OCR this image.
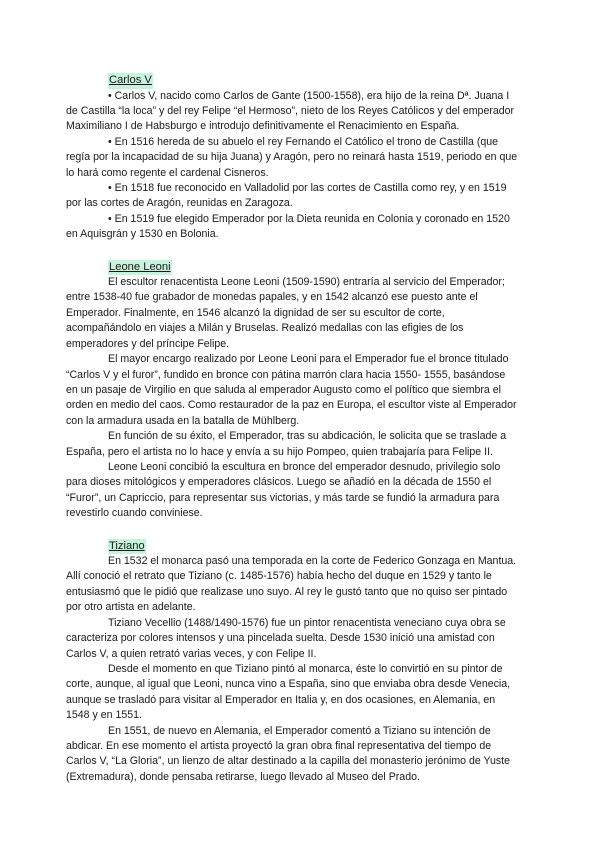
Carlos V

• Carlos V, nacido como Carlos de Gante (1500-1558), era hijo de la reina Dª. Juana I de Castilla “la loca” y del rey Felipe “el Hermoso”, nieto de los Reyes Católicos y del emperador Maximiliano I de Habsburgo e introdujo definitivamente el Renacimiento en España.

• En 1516 hereda de su abuelo el rey Fernando el Católico el trono de Castilla (que regía por la incapacidad de su hija Juana) y Aragón, pero no reinará hasta 1519, periodo en que lo hará como regente el cardenal Cisneros.

• En 1518 fue reconocido en Valladolid por las cortes de Castilla como rey, y en 1519 por las cortes de Aragón, reunidas en Zaragoza.

• En 1519 fue elegido Emperador por la Dieta reunida en Colonia y coronado en 1520 en Aquisgrán y 1530 en Bolonia.

Leone Leoni

El escultor renacentista Leone Leoni (1509-1590) entraría al servicio del Emperador; entre 1538-40 fue grabador de monedas papales, y en 1542 alcanzó ese puesto ante el Emperador. Finalmente, en 1546 alcanzó la dignidad de ser su escultor de corte, acompañándolo en viajes a Milán y Bruselas. Realizó medallas con las efigies de los emperadores y del príncipe Felipe.

El mayor encargo realizado por Leone Leoni para el Emperador fue el bronce titulado “Carlos V y el furor”, fundido en bronce con pátina marrón clara hacia 1550- 1555, basándose en un pasaje de Virgilio en que saluda al emperador Augusto como el político que siembra el orden en medio del caos. Como restaurador de la paz en Europa, el escultor viste al Emperador con la armadura usada en la batalla de Mühlberg.

En función de su éxito, el Emperador, tras su abdicación, le solicita que se traslade a España, pero el artista no lo hace y envía a su hijo Pompeo, quien trabajaría para Felipe II.

Leone Leoni concibió la escultura en bronce del emperador desnudo, privilegio solo para dioses mitológicos y emperadores clásicos. Luego se añadió en la década de 1550 el “Furor”, un Capriccio, para representar sus victorias, y más tarde se fundió la armadura para revestirlo cuando conviniese.

Tiziano

En 1532 el monarca pasó una temporada en la corte de Federico Gonzaga en Mantua. Allí conoció el retrato que Tiziano (c. 1485-1576) había hecho del duque en 1529 y tanto le entusiasmó que le pidió que realizase uno suyo. Al rey le gustó tanto que no quiso ser pintado por otro artista en adelante.

Tiziano Vecellio (1488/1490-1576) fue un pintor renacentista veneciano cuya obra se caracteriza por colores intensos y una pincelada suelta. Desde 1530 inició una amistad con Carlos V, a quien retrató varias veces, y con Felipe II.

Desde el momento en que Tiziano pintó al monarca, éste lo convirtió en su pintor de corte, aunque, al igual que Leoni, nunca vino a España, sino que enviaba obra desde Venecia, aunque se trasladó para visitar al Emperador en Italia y, en dos ocasiones, en Alemania, en 1548 y en 1551.

En 1551, de nuevo en Alemania, el Emperador comentó a Tiziano su intención de abdicar. En ese momento el artista proyectó la gran obra final representativa del tiempo de Carlos V, “La Gloria”, un lienzo de altar destinado a la capilla del monasterio jerónimo de Yuste (Extremadura), donde pensaba retirarse, luego llevado al Museo del Prado.
